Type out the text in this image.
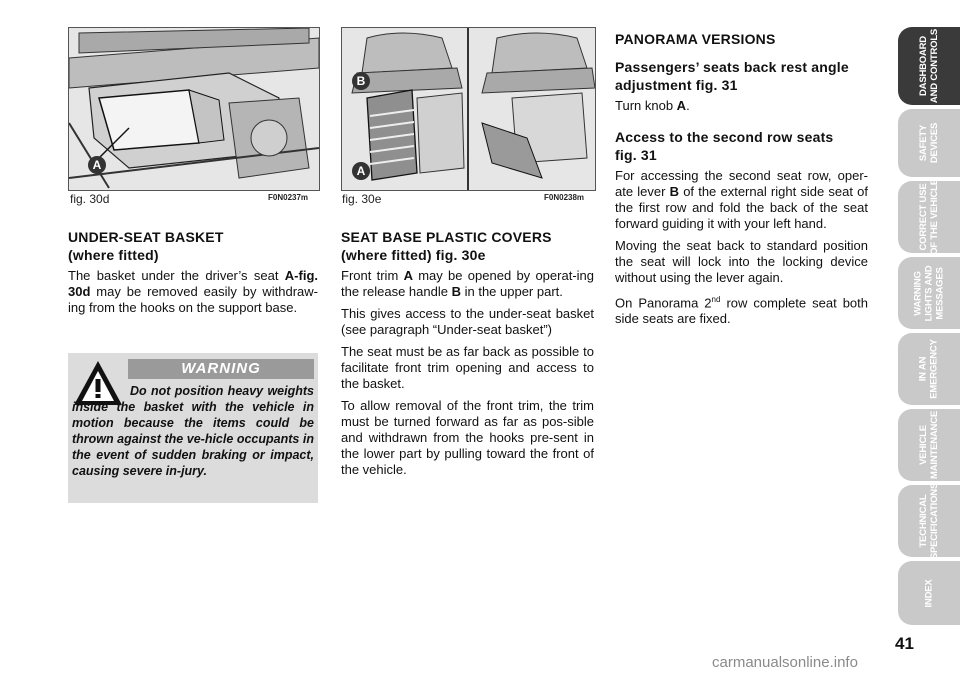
A
fig. 30d	F0N0237m
B
A
fig. 30e	F0N0238m
UNDER-SEAT BASKET
(where fitted)

The basket under the driver’s seat A-fig. 30d may be removed easily by withdraw-ing from the hooks on the support base.

WARNING
Do not position heavy weights inside the basket with the vehicle in motion because the items could be thrown against the ve-hicle occupants in the event of sudden braking or impact, causing severe in-jury.
SEAT BASE PLASTIC COVERS
(where fitted) fig. 30e

Front trim A may be opened by operat-ing the release handle B in the upper part.

This gives access to the under-seat basket (see paragraph “Under-seat basket”)

The seat must be as far back as possible to facilitate front trim opening and access to the basket.

To allow removal of the front trim, the trim must be turned forward as far as pos-sible and withdrawn from the hooks pre-sent in the lower part by pulling toward the front of the vehicle.

PANORAMA VERSIONS
Passengers’ seats back rest angle
adjustment fig. 31

Turn knob A.

Access to the second row seats
fig. 31

For accessing the second seat row, oper-ate lever B of the external right side seat of the first row and fold the back of the seat forward guiding it with your left hand.

Moving the seat back to standard position the seat will lock into the locking device without using the lever again.

On Panorama 2nd row complete seat both side seats are fixed.

DASHBOARD AND CONTROLS
SAFETY DEVICES
CORRECT USE OF THE VEHICLE
WARNING LIGHTS AND MESSAGES
IN AN EMERGENCY
VEHICLE MAINTENANCE
TECHNICAL SPECIFICATIONS
INDEX
41
carmanualsonline.info
